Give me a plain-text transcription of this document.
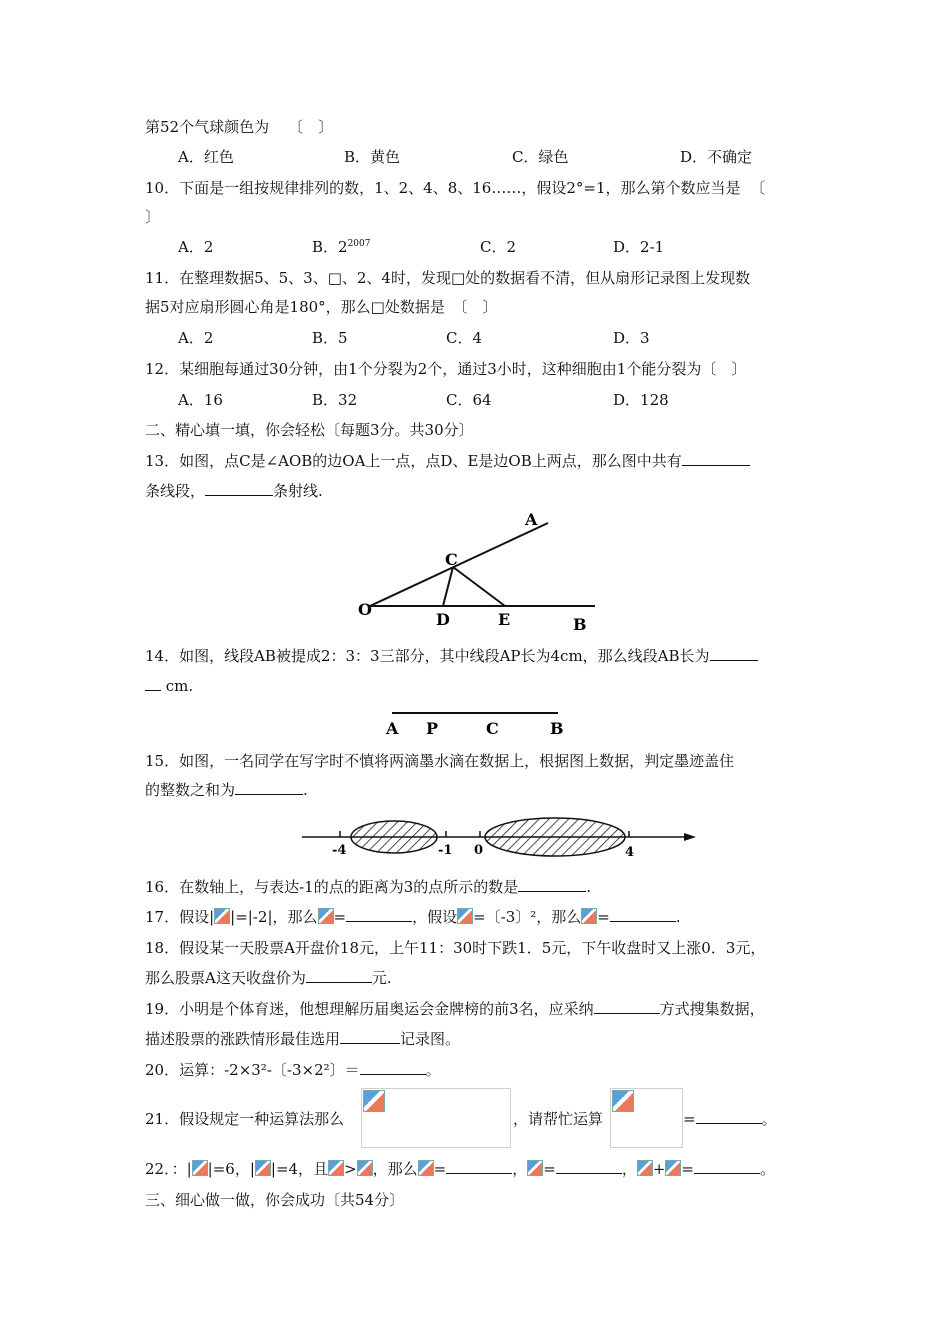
第52个气球颜色为 〔　〕
A．红色	B．黄色	C．绿色	D．不确定
10．下面是一组按规律排列的数，1、2、4、8、16……，假设2°=1，那么第个数应当是 〔
〕
A．2	B．$2^{2007}$	C．2	D．2-1
11．在整理数据5、5、3、□、2、4时，发现□处的数据看不清，但从扇形记录图上发现数
据5对应扇形圆心角是180°，那么□处数据是　〔　〕
A．2	B．5	C．4	D．3
12．某细胞每通过30分钟，由1个分裂为2个，通过3小时，这种细胞由1个能分裂为〔　〕
A．16	B．32	C．64	D．128
二、精心填一填，你会轻松〔每题3分。共30分〕
13．如图，点C是∠AOB的边OA上一点，点D、E是边OB上两点，那么图中共有
条线段，	条射线.
A
C
O
D	E	B
14．如图，线段AB被提成2：3：3三部分，其中线段AP长为4cm，那么线段AB长为
cm.
A P	C	B
15．如图，一名同学在写字时不慎将两滴墨水滴在数据上，根据图上数据，判定墨迹盖住
的整数之和为	.
-4	-1 0	4
16．在数轴上，与表达-1的点的距离为3的点所示的数是	.
17．假设| |=|-2|，那么 =	，假设 =〔-3〕²，那么 =	.
18．假设某一天股票A开盘价18元，上午11：30时下跌1．5元，下午收盘时又上涨0．3元，
那么股票A这天收盘价为	元.
19．小明是个体育迷，他想理解历届奥运会金牌榜的前3名，应采纳	方式搜集数据，
描述股票的涨跌情形最佳选用	记录图。
20．运算：-2×3²-〔-3×2²〕＝	。
21．假设规定一种运算法那么	，请帮忙运算	=	。
22．：| |=6，| |=4，且 > ，那么 =	， =	， + =	。
三、细心做一做，你会成功〔共54分〕
